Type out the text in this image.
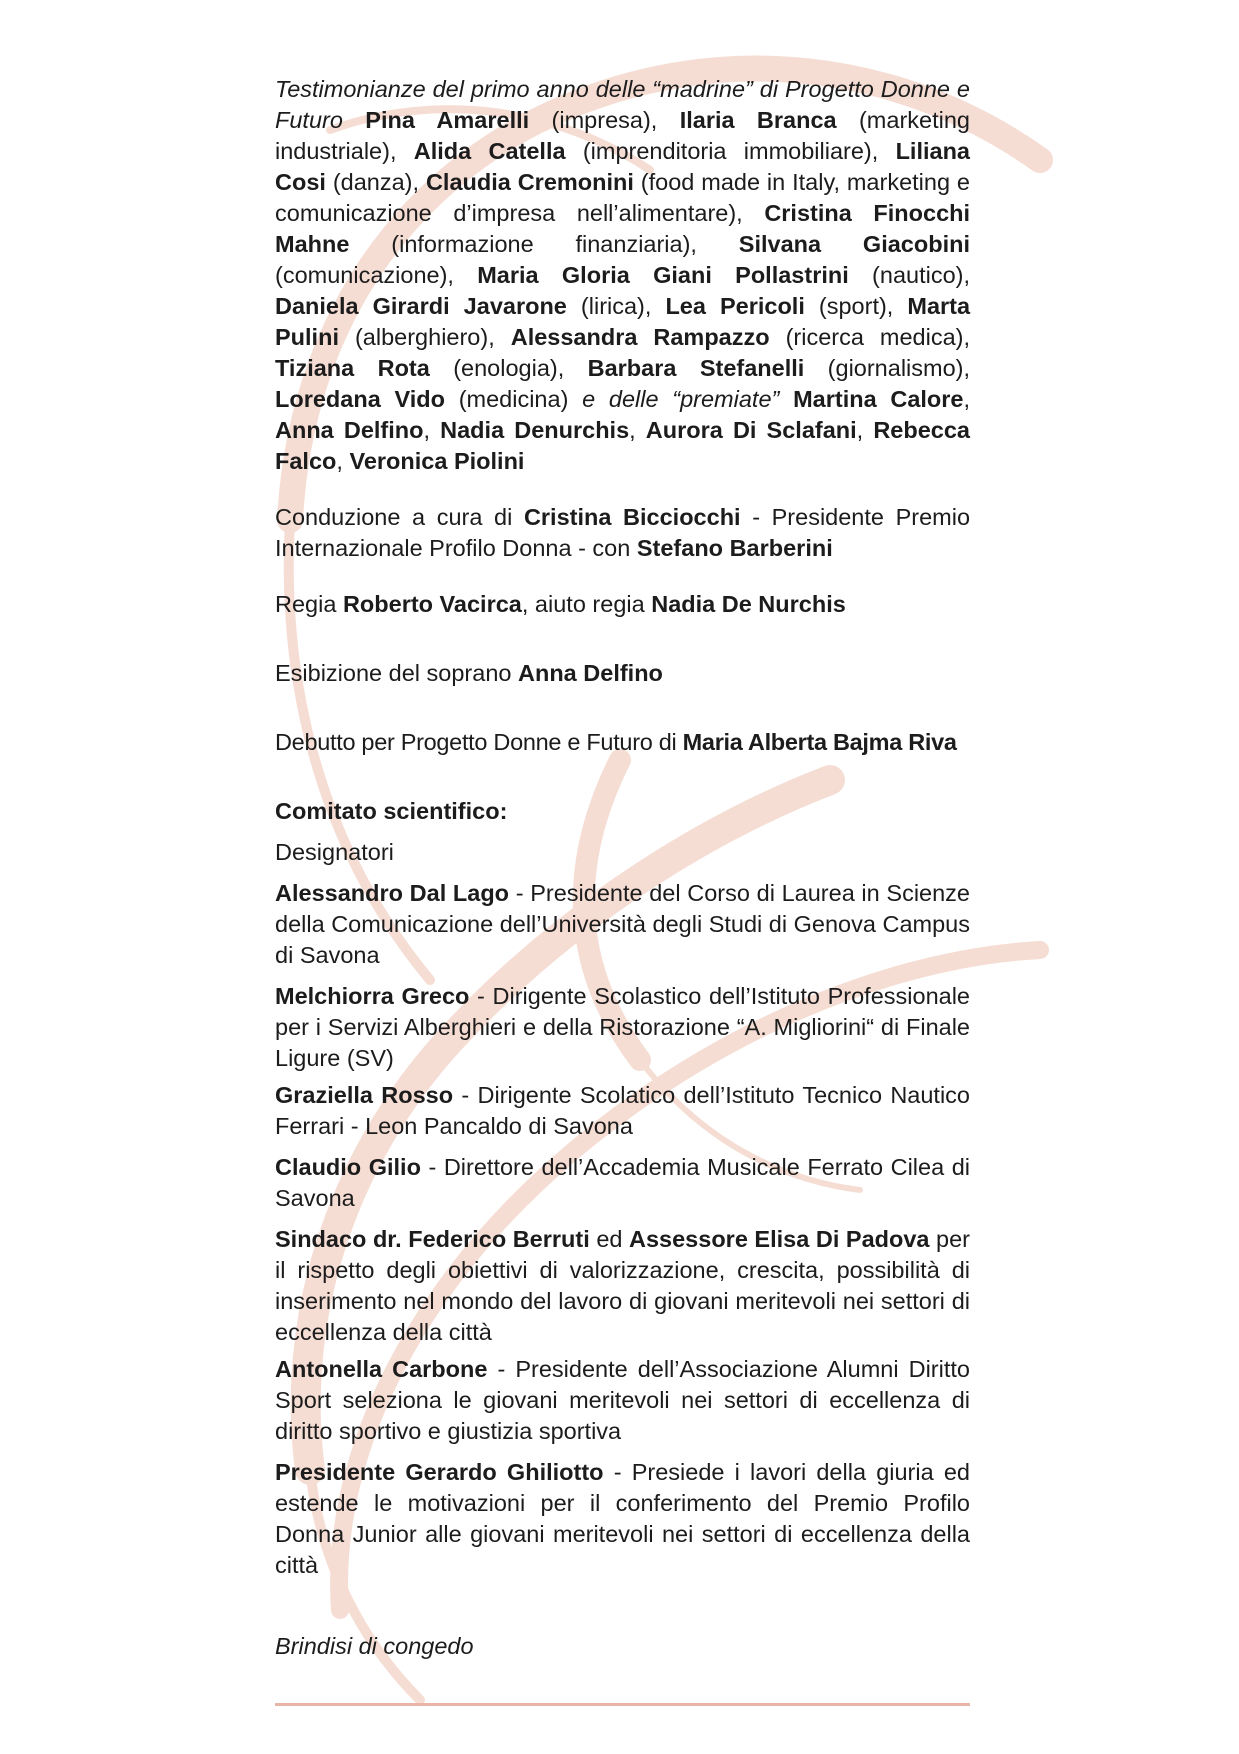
Testimonianze del primo anno delle “madrine” di Progetto Donne e Futuro Pina Amarelli (impresa), Ilaria Branca (marketing industriale), Alida Catella (imprenditoria immobiliare), Liliana Cosi (danza), Claudia Cremonini (food made in Italy, marketing e comunicazione d’impresa nell’alimentare), Cristina Finocchi Mahne (informazione finanziaria), Silvana Giacobini (comunicazione), Maria Gloria Giani Pollastrini (nautico), Daniela Girardi Javarone (lirica), Lea Pericoli (sport), Marta Pulini (alberghiero), Alessandra Rampazzo (ricerca medica), Tiziana Rota (enologia), Barbara Stefanelli (giornalismo), Loredana Vido (medicina) e delle “premiate” Martina Calore, Anna Delfino, Nadia Denurchis, Aurora Di Sclafani, Rebecca Falco, Veronica Piolini

Conduzione a cura di Cristina Bicciocchi - Presidente Premio Internazionale Profilo Donna - con Stefano Barberini

Regia Roberto Vacirca, aiuto regia Nadia De Nurchis

Esibizione del soprano Anna Delfino

Debutto per Progetto Donne e Futuro di Maria Alberta Bajma Riva

Comitato scientifico:

Designatori

Alessandro Dal Lago - Presidente del Corso di Laurea in Scienze della Comunicazione dell’Università degli Studi di Genova Campus di Savona

Melchiorra Greco - Dirigente Scolastico dell’Istituto Professionale per i Servizi Alberghieri e della Ristorazione “A. Migliorini“ di Finale Ligure (SV)

Graziella Rosso - Dirigente Scolatico dell’Istituto Tecnico Nautico Ferrari - Leon Pancaldo di Savona

Claudio Gilio - Direttore dell’Accademia Musicale Ferrato Cilea di Savona

Sindaco dr. Federico Berruti ed Assessore Elisa Di Padova per il rispetto degli obiettivi di valorizzazione, crescita, possibilità di inserimento nel mondo del lavoro di giovani meritevoli nei settori di eccellenza della città

Antonella Carbone - Presidente dell’Associazione Alumni Diritto Sport seleziona le giovani meritevoli nei settori di eccellenza di diritto sportivo e giustizia sportiva

Presidente Gerardo Ghiliotto - Presiede i lavori della giuria ed estende le motivazioni per il conferimento del Premio Profilo Donna Junior alle giovani meritevoli nei settori di eccellenza della città

Brindisi di congedo
